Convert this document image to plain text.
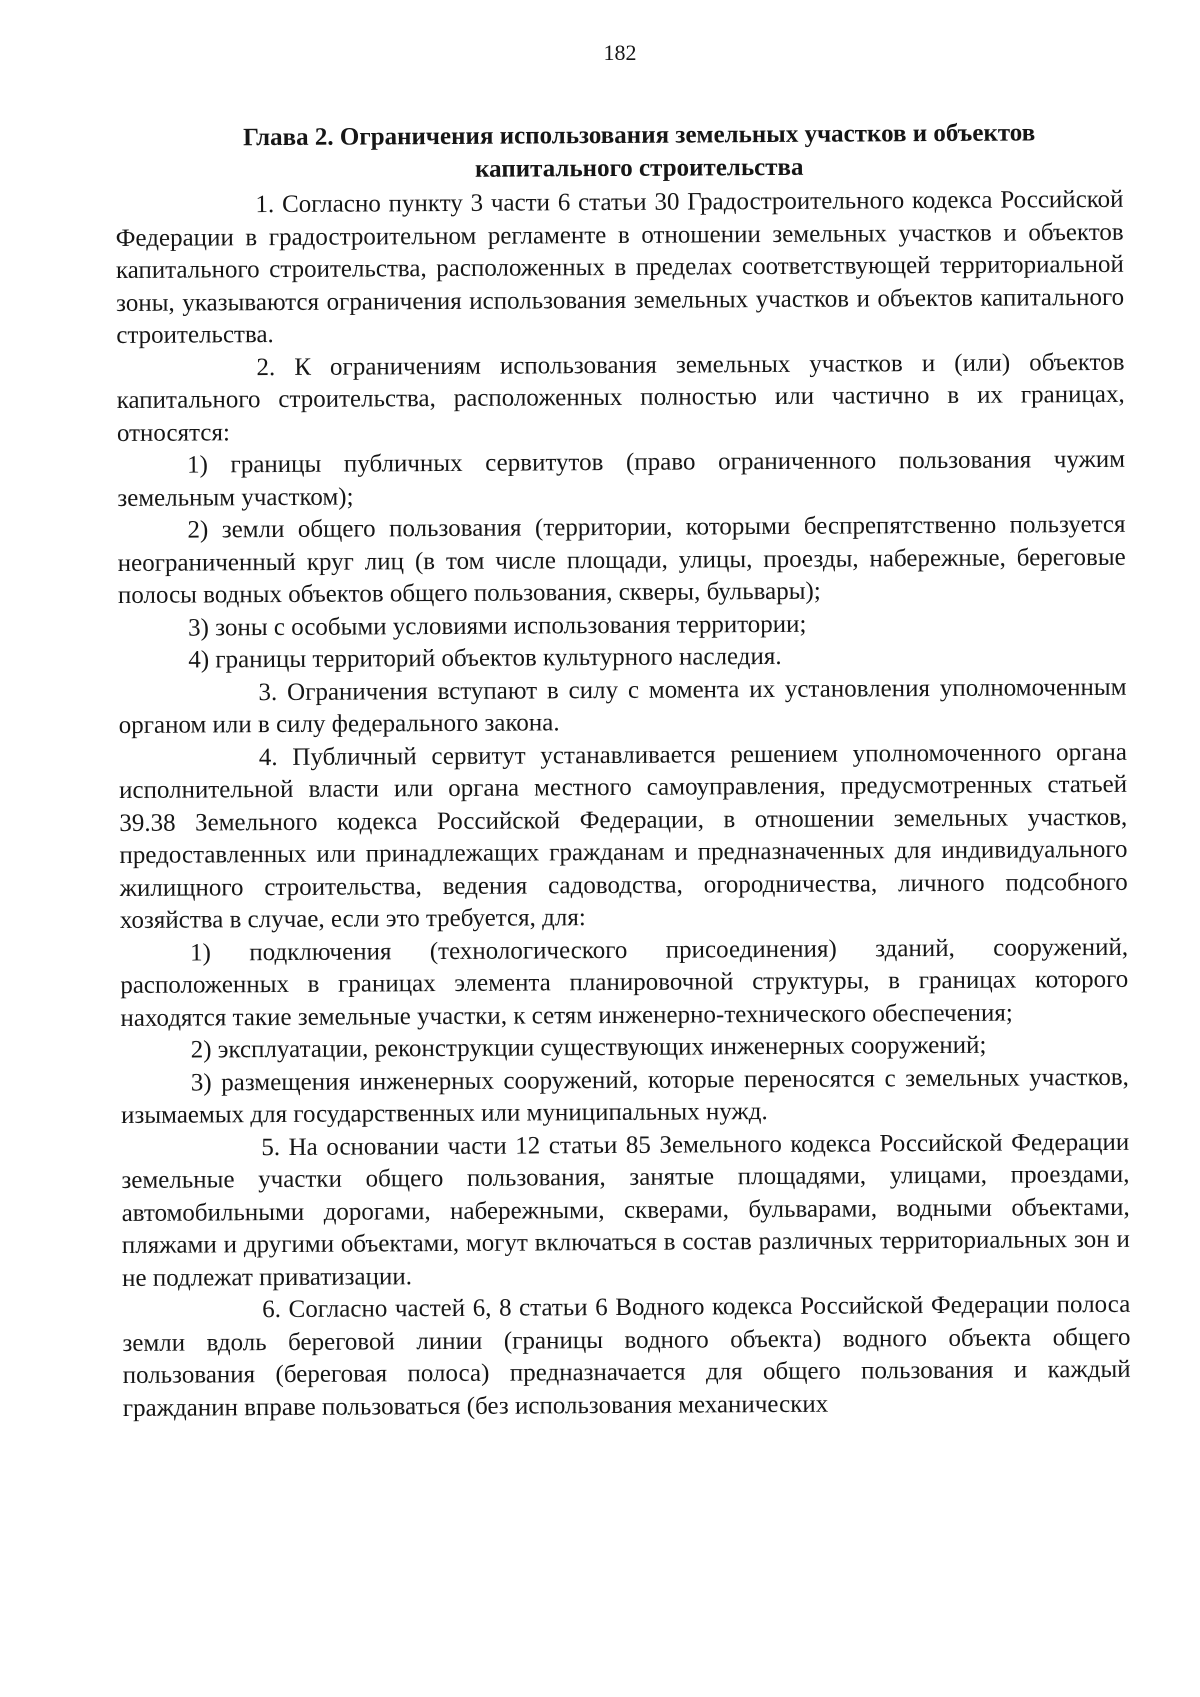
182
Глава 2. Ограничения использования земельных участков и объектов
капитального строительства

1. Согласно пункту 3 части 6 статьи 30 Градостроительного кодекса Российской Федерации в градостроительном регламенте в отношении земельных участков и объектов капитального строительства, расположенных в пределах соответствующей территориальной зоны, указываются ограничения использования земельных участков и объектов капитального строительства.

2. К ограничениям использования земельных участков и (или) объектов капитального строительства, расположенных полностью или частично в их границах, относятся:

1) границы публичных сервитутов (право ограниченного пользования чужим земельным участком);

2) земли общего пользования (территории, которыми беспрепятственно пользуется неограниченный круг лиц (в том числе площади, улицы, проезды, набережные, береговые полосы водных объектов общего пользования, скверы, бульвары);

3) зоны с особыми условиями использования территории;

4) границы территорий объектов культурного наследия.

3. Ограничения вступают в силу с момента их установления уполномоченным органом или в силу федерального закона.

4. Публичный сервитут устанавливается решением уполномоченного органа исполнительной власти или органа местного самоуправления, предусмотренных статьей 39.38 Земельного кодекса Российской Федерации, в отношении земельных участков, предоставленных или принадлежащих гражданам и предназначенных для индивидуального жилищного строительства, ведения садоводства, огородничества, личного подсобного хозяйства в случае, если это требуется, для:

1) подключения (технологического присоединения) зданий, сооружений, расположенных в границах элемента планировочной структуры, в границах которого находятся такие земельные участки, к сетям инженерно-технического обеспечения;

2) эксплуатации, реконструкции существующих инженерных сооружений;

3) размещения инженерных сооружений, которые переносятся с земельных участков, изымаемых для государственных или муниципальных нужд.

5. На основании части 12 статьи 85 Земельного кодекса Российской Федерации земельные участки общего пользования, занятые площадями, улицами, проездами, автомобильными дорогами, набережными, скверами, бульварами, водными объектами, пляжами и другими объектами, могут включаться в состав различных территориальных зон и не подлежат приватизации.

6. Согласно частей 6, 8 статьи 6 Водного кодекса Российской Федерации полоса земли вдоль береговой линии (границы водного объекта) водного объекта общего пользования (береговая полоса) предназначается для общего пользования и каждый гражданин вправе пользоваться (без использования механических
